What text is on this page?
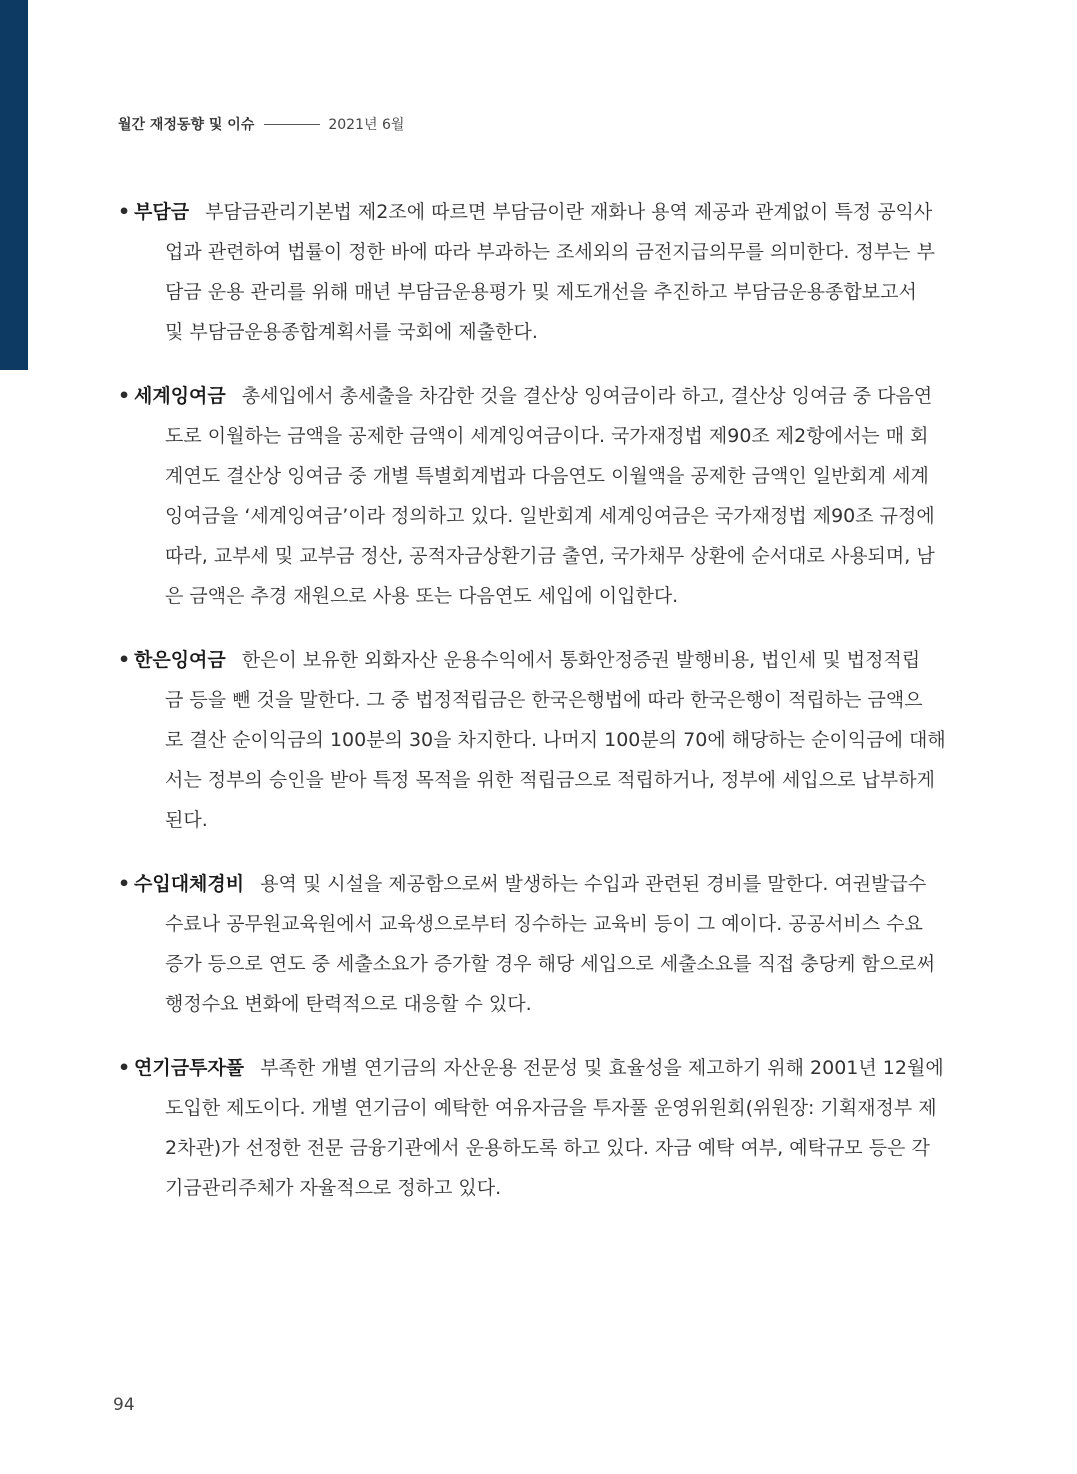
월간 재정동향 및 이슈	2021년 6월
• 부담금 부담금관리기본법 제2조에 따르면 부담금이란 재화나 용역 제공과 관계없이 특정 공익사
업과 관련하여 법률이 정한 바에 따라 부과하는 조세외의 금전지급의무를 의미한다. 정부는 부
담금 운용 관리를 위해 매년 부담금운용평가 및 제도개선을 추진하고 부담금운용종합보고서
및 부담금운용종합계획서를 국회에 제출한다.
• 세계잉여금 총세입에서 총세출을 차감한 것을 결산상 잉여금이라 하고, 결산상 잉여금 중 다음연
도로 이월하는 금액을 공제한 금액이 세계잉여금이다. 국가재정법 제90조 제2항에서는 매 회
계연도 결산상 잉여금 중 개별 특별회계법과 다음연도 이월액을 공제한 금액인 일반회계 세계
잉여금을 ‘세계잉여금’이라 정의하고 있다. 일반회계 세계잉여금은 국가재정법 제90조 규정에
따라, 교부세 및 교부금 정산, 공적자금상환기금 출연, 국가채무 상환에 순서대로 사용되며, 남
은 금액은 추경 재원으로 사용 또는 다음연도 세입에 이입한다.
• 한은잉여금 한은이 보유한 외화자산 운용수익에서 통화안정증권 발행비용, 법인세 및 법정적립
금 등을 뺀 것을 말한다. 그 중 법정적립금은 한국은행법에 따라 한국은행이 적립하는 금액으
로 결산 순이익금의 100분의 30을 차지한다. 나머지 100분의 70에 해당하는 순이익금에 대해
서는 정부의 승인을 받아 특정 목적을 위한 적립금으로 적립하거나, 정부에 세입으로 납부하게
된다.
• 수입대체경비 용역 및 시설을 제공함으로써 발생하는 수입과 관련된 경비를 말한다. 여권발급수
수료나 공무원교육원에서 교육생으로부터 징수하는 교육비 등이 그 예이다. 공공서비스 수요
증가 등으로 연도 중 세출소요가 증가할 경우 해당 세입으로 세출소요를 직접 충당케 함으로써
행정수요 변화에 탄력적으로 대응할 수 있다.
• 연기금투자풀 부족한 개별 연기금의 자산운용 전문성 및 효율성을 제고하기 위해 2001년 12월에
도입한 제도이다. 개별 연기금이 예탁한 여유자금을 투자풀 운영위원회(위원장: 기획재정부 제
2차관)가 선정한 전문 금융기관에서 운용하도록 하고 있다. 자금 예탁 여부, 예탁규모 등은 각
기금관리주체가 자율적으로 정하고 있다.
94
